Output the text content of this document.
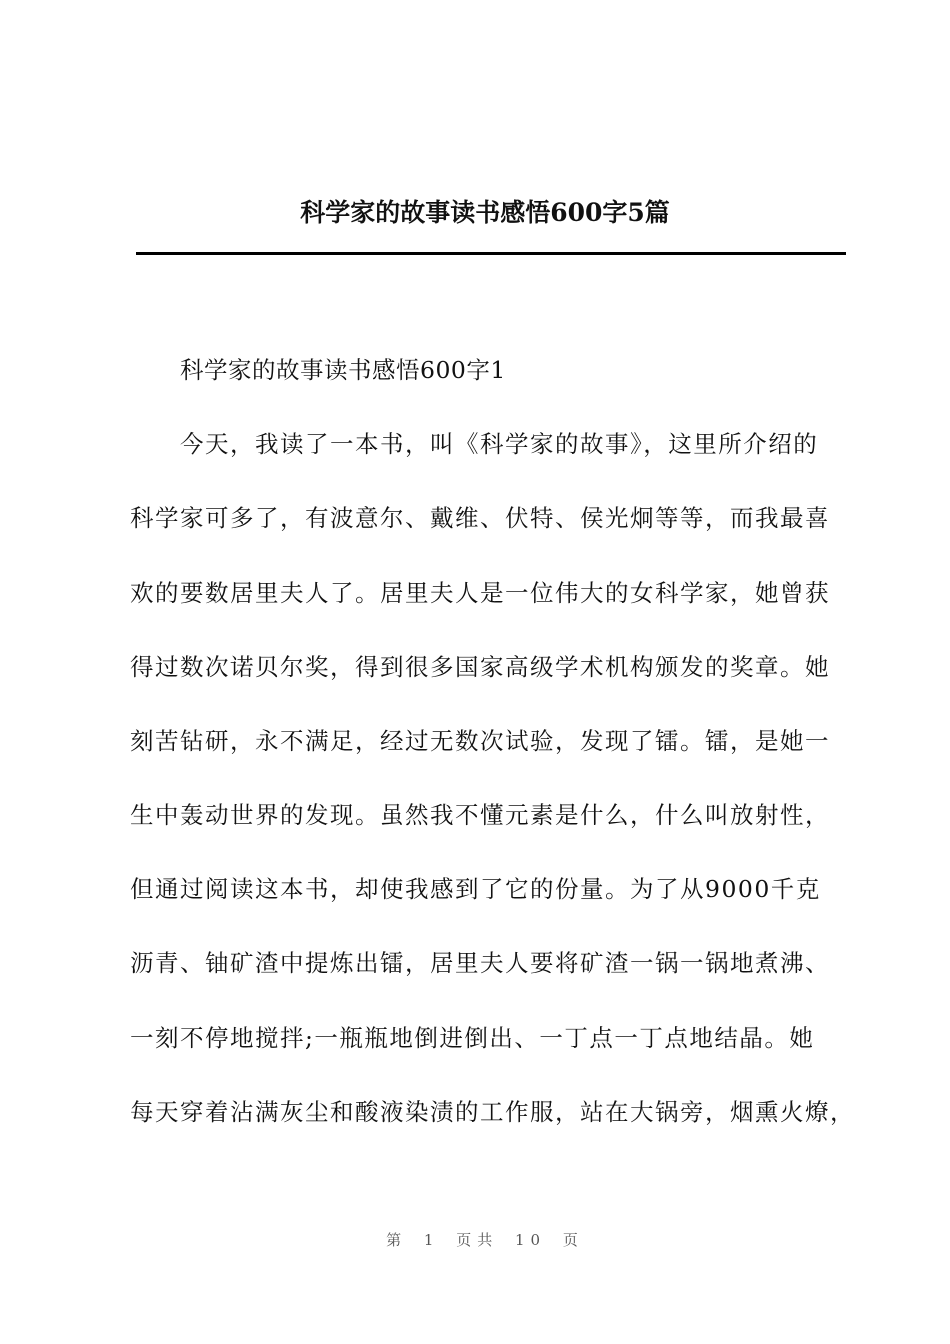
科学家的故事读书感悟600字5篇
科学家的故事读书感悟600字1
今天，我读了一本书，叫《科学家的故事》，这里所介绍的
科学家可多了，有波意尔、戴维、伏特、侯光炯等等，而我最喜
欢的要数居里夫人了。居里夫人是一位伟大的女科学家，她曾获
得过数次诺贝尔奖，得到很多国家高级学术机构颁发的奖章。她
刻苦钻研，永不满足，经过无数次试验，发现了镭。镭，是她一
生中轰动世界的发现。虽然我不懂元素是什么，什么叫放射性，
但通过阅读这本书，却使我感到了它的份量。为了从9000千克
沥青、铀矿渣中提炼出镭，居里夫人要将矿渣一锅一锅地煮沸、
一刻不停地搅拌;一瓶瓶地倒进倒出、一丁点一丁点地结晶。她
每天穿着沾满灰尘和酸液染渍的工作服，站在大锅旁，烟熏火燎，
第 1 页共 10 页
